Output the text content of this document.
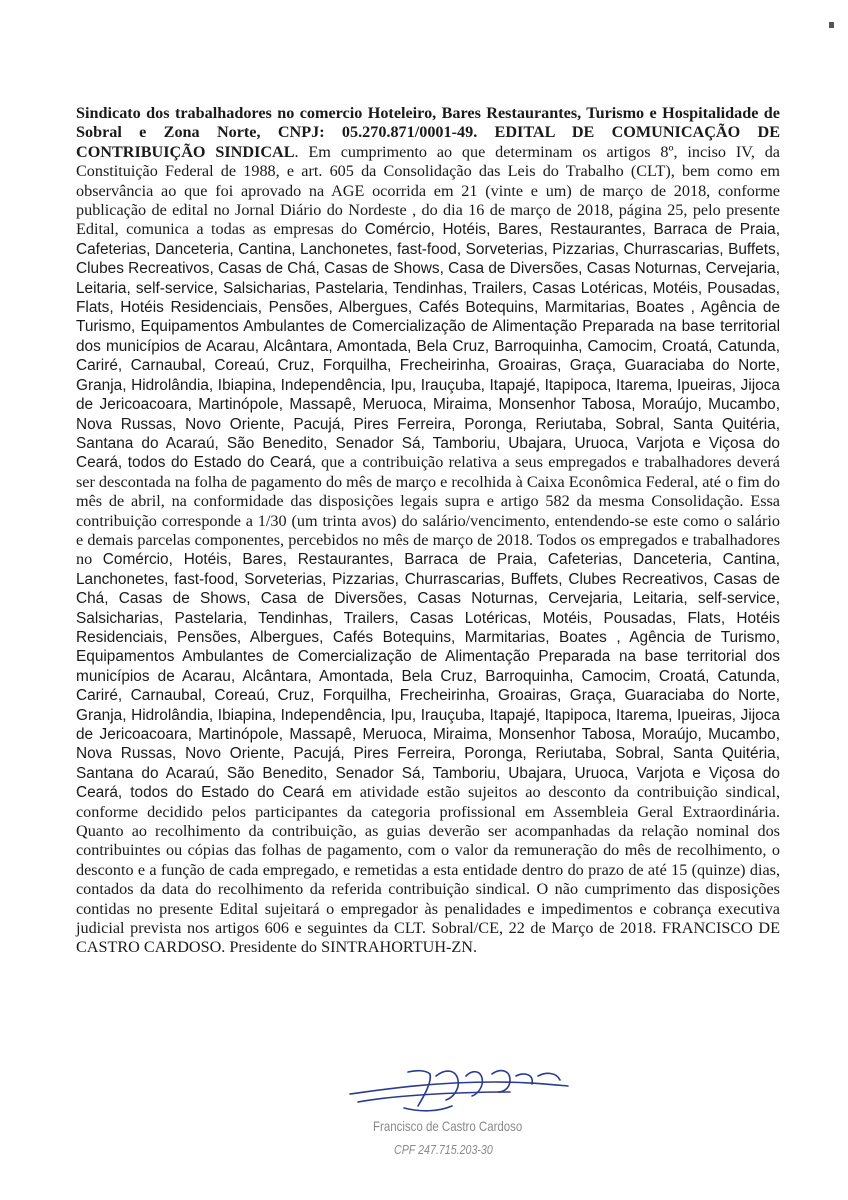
Sindicato dos trabalhadores no comercio Hoteleiro, Bares Restaurantes, Turismo e Hospitalidade de Sobral e Zona Norte, CNPJ: 05.270.871/0001-49. EDITAL DE COMUNICAÇÃO DE CONTRIBUIÇÃO SINDICAL. Em cumprimento ao que determinam os artigos 8º, inciso IV, da Constituição Federal de 1988, e art. 605 da Consolidação das Leis do Trabalho (CLT), bem como em observância ao que foi aprovado na AGE ocorrida em 21 (vinte e um) de março de 2018, conforme publicação de edital no Jornal Diário do Nordeste , do dia 16 de março de 2018, página 25, pelo presente Edital, comunica a todas as empresas do Comércio, Hotéis, Bares, Restaurantes, Barraca de Praia, Cafeterias, Danceteria, Cantina, Lanchonetes, fast-food, Sorveterias, Pizzarias, Churrascarias, Buffets, Clubes Recreativos, Casas de Chá, Casas de Shows, Casa de Diversões, Casas Noturnas, Cervejaria, Leitaria, self-service, Salsicharias, Pastelaria, Tendinhas, Trailers, Casas Lotéricas, Motéis, Pousadas, Flats, Hotéis Residenciais, Pensões, Albergues, Cafés Botequins, Marmitarias, Boates , Agência de Turismo, Equipamentos Ambulantes de Comercialização de Alimentação Preparada na base territorial dos municípios de Acarau, Alcântara, Amontada, Bela Cruz, Barroquinha, Camocim, Croatá, Catunda, Cariré, Carnaubal, Coreaú, Cruz, Forquilha, Frecheirinha, Groairas, Graça, Guaraciaba do Norte, Granja, Hidrolândia, Ibiapina, Independência, Ipu, Irauçuba, Itapajé, Itapipoca, Itarema, Ipueiras, Jijoca de Jericoacoara, Martinópole, Massapê, Meruoca, Miraima, Monsenhor Tabosa, Moraújo, Mucambo, Nova Russas, Novo Oriente, Pacujá, Pires Ferreira, Poronga, Reriutaba, Sobral, Santa Quitéria, Santana do Acaraú, São Benedito, Senador Sá, Tamboriu, Ubajara, Uruoca, Varjota e Viçosa do Ceará, todos do Estado do Ceará, que a contribuição relativa a seus empregados e trabalhadores deverá ser descontada na folha de pagamento do mês de março e recolhida à Caixa Econômica Federal, até o fim do mês de abril, na conformidade das disposições legais supra e artigo 582 da mesma Consolidação. Essa contribuição corresponde a 1/30 (um trinta avos) do salário/vencimento, entendendo-se este como o salário e demais parcelas componentes, percebidos no mês de março de 2018. Todos os empregados e trabalhadores no Comércio, Hotéis, Bares, Restaurantes, Barraca de Praia, Cafeterias, Danceteria, Cantina, Lanchonetes, fast-food, Sorveterias, Pizzarias, Churrascarias, Buffets, Clubes Recreativos, Casas de Chá, Casas de Shows, Casa de Diversões, Casas Noturnas, Cervejaria, Leitaria, self-service, Salsicharias, Pastelaria, Tendinhas, Trailers, Casas Lotéricas, Motéis, Pousadas, Flats, Hotéis Residenciais, Pensões, Albergues, Cafés Botequins, Marmitarias, Boates , Agência de Turismo, Equipamentos Ambulantes de Comercialização de Alimentação Preparada na base territorial dos municípios de Acarau, Alcântara, Amontada, Bela Cruz, Barroquinha, Camocim, Croatá, Catunda, Cariré, Carnaubal, Coreaú, Cruz, Forquilha, Frecheirinha, Groairas, Graça, Guaraciaba do Norte, Granja, Hidrolândia, Ibiapina, Independência, Ipu, Irauçuba, Itapajé, Itapipoca, Itarema, Ipueiras, Jijoca de Jericoacoara, Martinópole, Massapê, Meruoca, Miraima, Monsenhor Tabosa, Moraújo, Mucambo, Nova Russas, Novo Oriente, Pacujá, Pires Ferreira, Poronga, Reriutaba, Sobral, Santa Quitéria, Santana do Acaraú, São Benedito, Senador Sá, Tamboriu, Ubajara, Uruoca, Varjota e Viçosa do Ceará, todos do Estado do Ceará em atividade estão sujeitos ao desconto da contribuição sindical, conforme decidido pelos participantes da categoria profissional em Assembleia Geral Extraordinária. Quanto ao recolhimento da contribuição, as guias deverão ser acompanhadas da relação nominal dos contribuintes ou cópias das folhas de pagamento, com o valor da remuneração do mês de recolhimento, o desconto e a função de cada empregado, e remetidas a esta entidade dentro do prazo de até 15 (quinze) dias, contados da data do recolhimento da referida contribuição sindical. O não cumprimento das disposições contidas no presente Edital sujeitará o empregador às penalidades e impedimentos e cobrança executiva judicial prevista nos artigos 606 e seguintes da CLT. Sobral/CE, 22 de Março de 2018. FRANCISCO DE CASTRO CARDOSO. Presidente do SINTRAHORTUH-ZN.

Francisco de Castro Cardoso
CPF 247.715.203-30
